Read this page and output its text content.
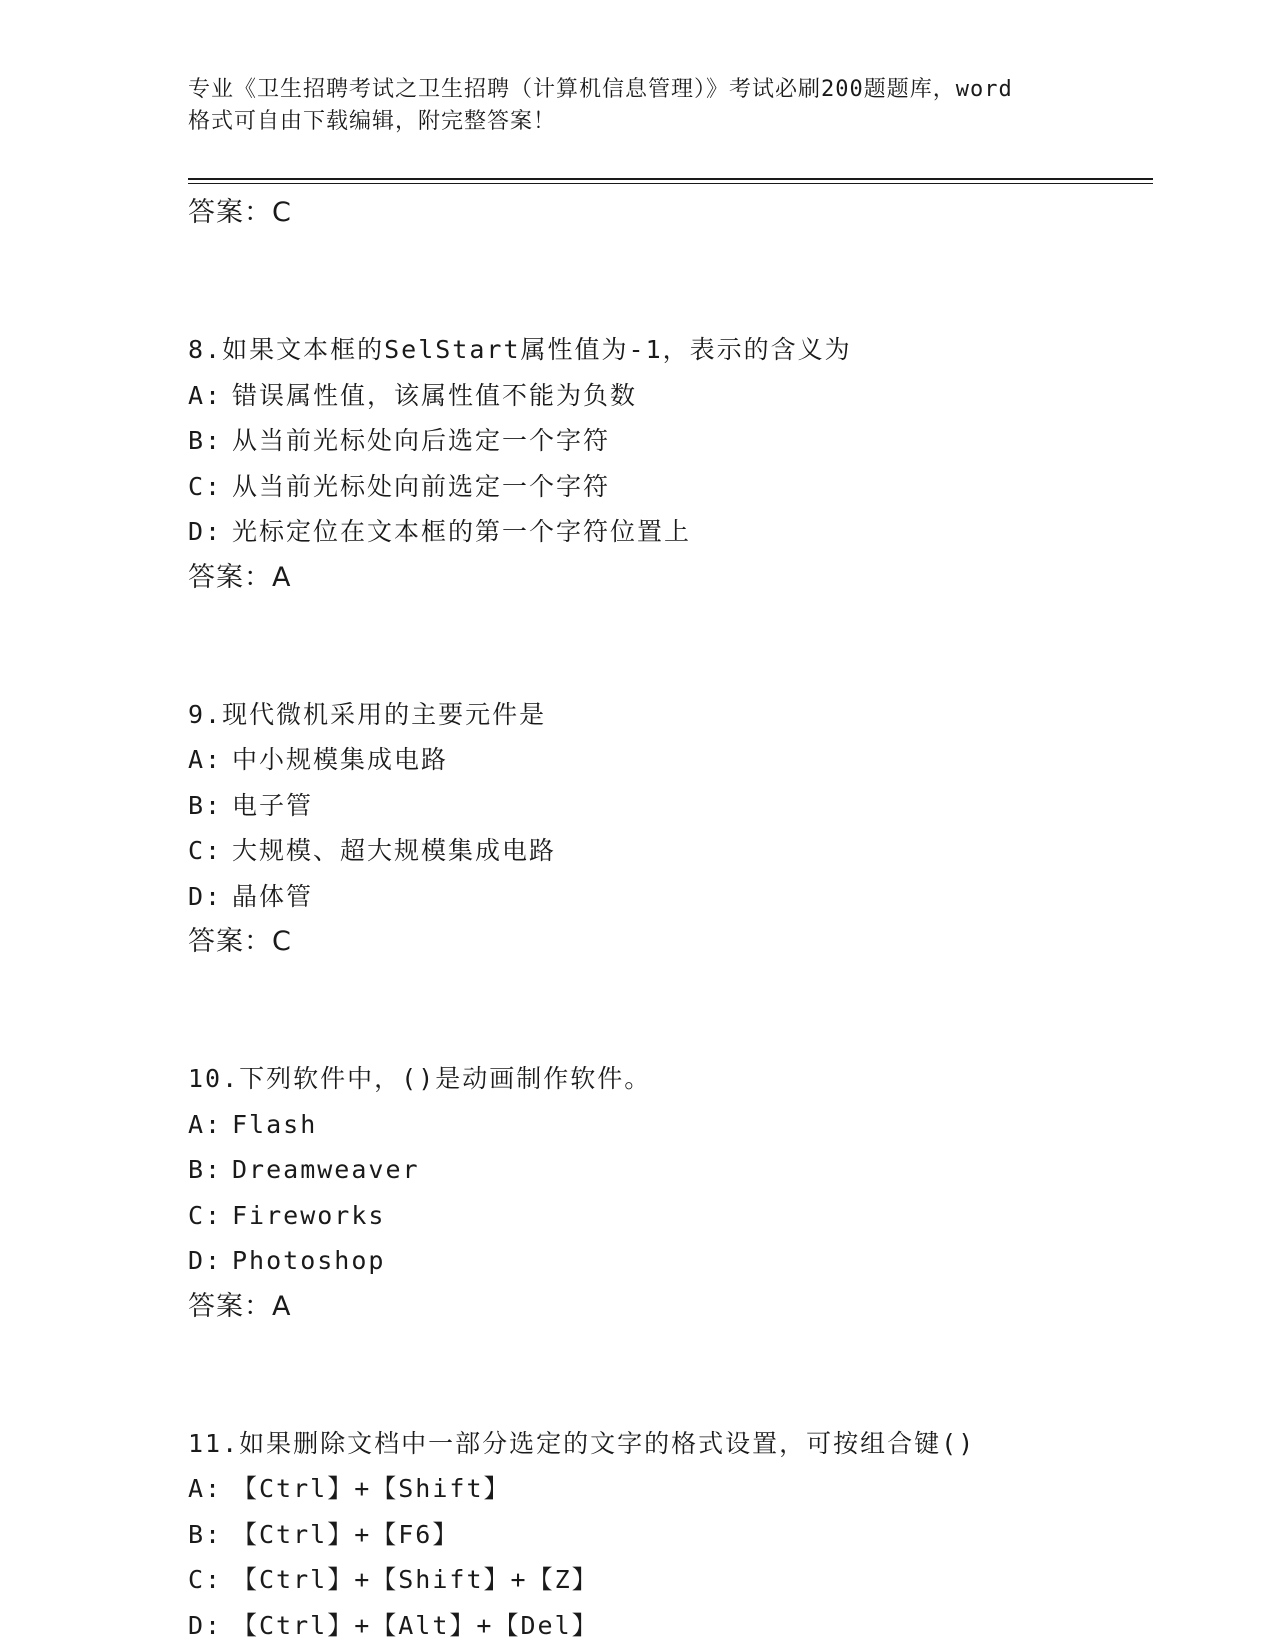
专业《卫生招聘考试之卫生招聘（计算机信息管理）》考试必刷200题题库，word
格式可自由下载编辑，附完整答案！
答案：C
8.如果文本框的SelStart属性值为-1，表示的含义为
A: 错误属性值，该属性值不能为负数
B: 从当前光标处向后选定一个字符
C: 从当前光标处向前选定一个字符
D: 光标定位在文本框的第一个字符位置上
答案：A
9.现代微机采用的主要元件是
A: 中小规模集成电路
B: 电子管
C: 大规模、超大规模集成电路
D: 晶体管
答案：C
10.下列软件中，()是动画制作软件。
A: Flash
B: Dreamweaver
C: Fireworks
D: Photoshop
答案：A
11.如果删除文档中一部分选定的文字的格式设置，可按组合键()
A: 【Ctrl】+【Shift】
B: 【Ctrl】+【F6】
C: 【Ctrl】+【Shift】+【Z】
D: 【Ctrl】+【Alt】+【Del】
